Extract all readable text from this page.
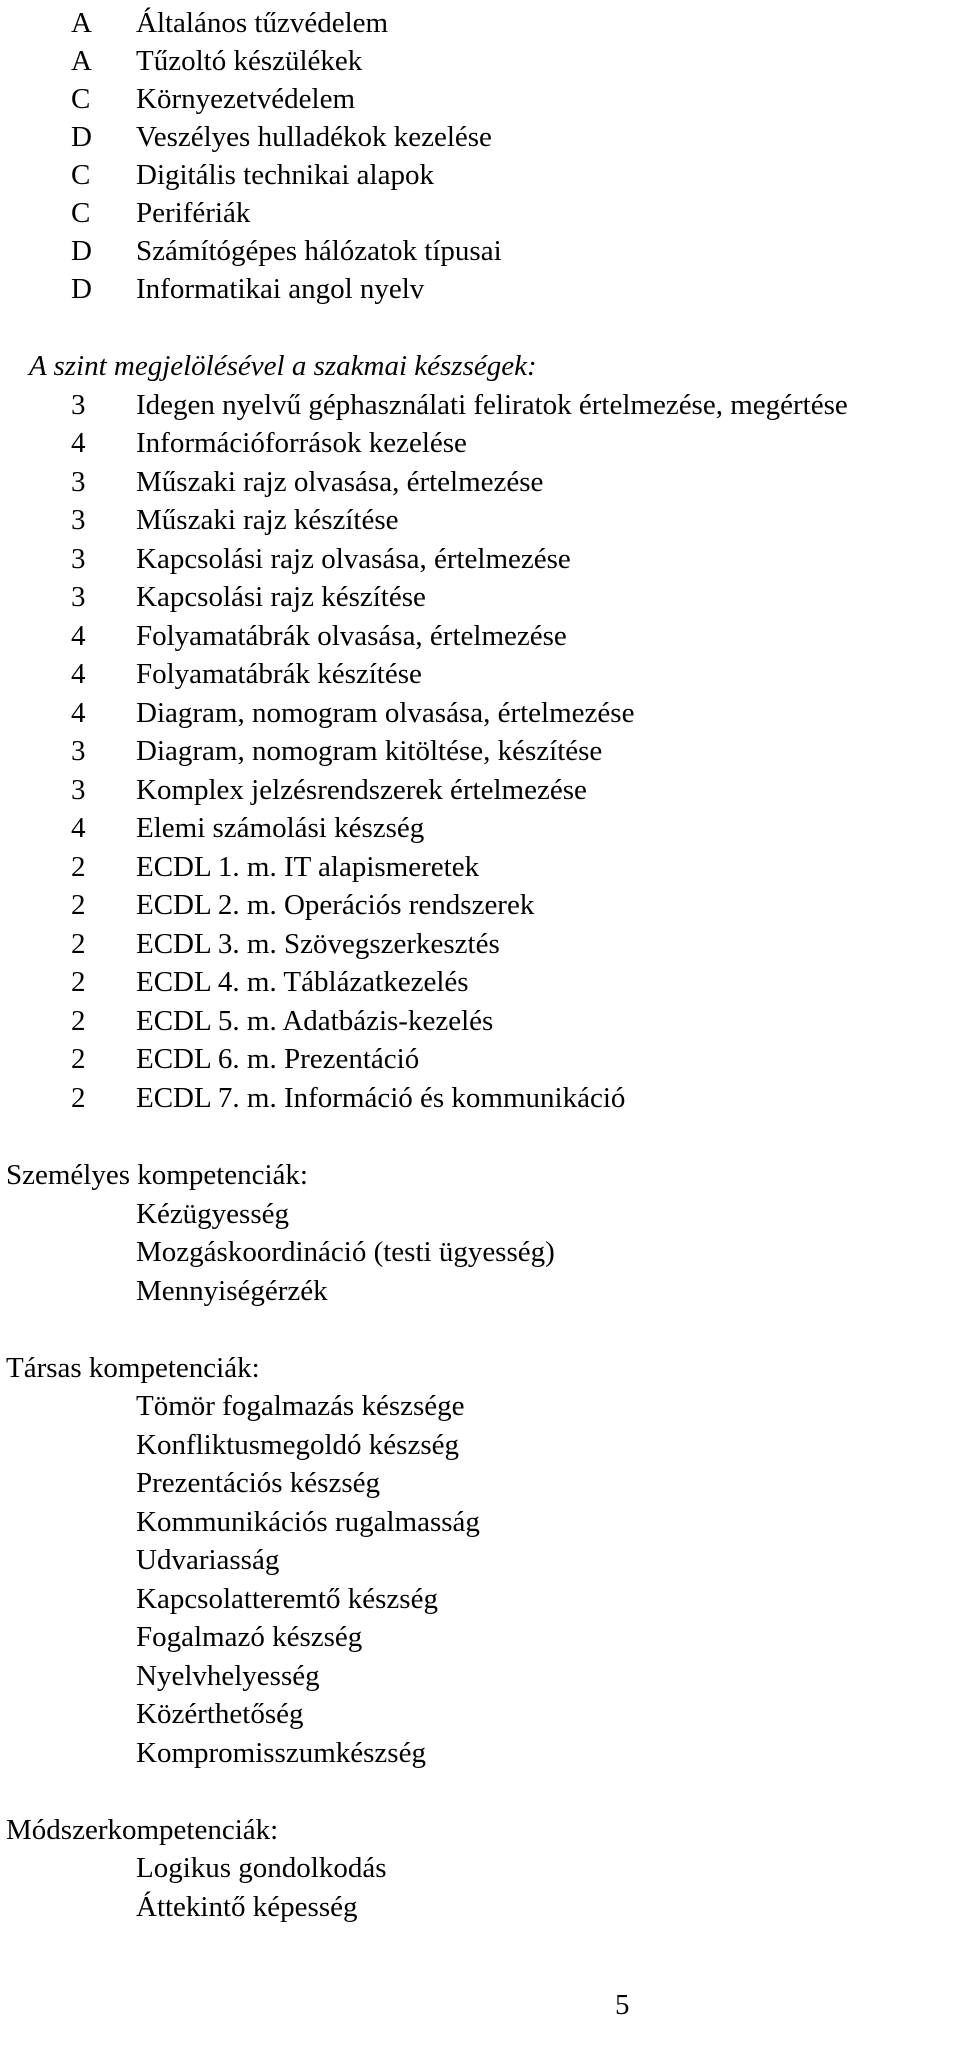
A Általános tűzvédelem
A Tűzoltó készülékek
C Környezetvédelem
D Veszélyes hulladékok kezelése
C Digitális technikai alapok
C Perifériák
D Számítógépes hálózatok típusai
D Informatikai angol nyelv
A szint megjelölésével a szakmai készségek:
3 Idegen nyelvű géphasználati feliratok értelmezése, megértése
4 Információforrások kezelése
3 Műszaki rajz olvasása, értelmezése
3 Műszaki rajz készítése
3 Kapcsolási rajz olvasása, értelmezése
3 Kapcsolási rajz készítése
4 Folyamatábrák olvasása, értelmezése
4 Folyamatábrák készítése
4 Diagram, nomogram olvasása, értelmezése
3 Diagram, nomogram kitöltése, készítése
3 Komplex jelzésrendszerek értelmezése
4 Elemi számolási készség
2 ECDL 1. m. IT alapismeretek
2 ECDL 2. m. Operációs rendszerek
2 ECDL 3. m. Szövegszerkesztés
2 ECDL 4. m. Táblázatkezelés
2 ECDL 5. m. Adatbázis-kezelés
2 ECDL 6. m. Prezentáció
2 ECDL 7. m. Információ és kommunikáció
Személyes kompetenciák:
Kézügyesség
Mozgáskoordináció (testi ügyesség)
Mennyiségérzék
Társas kompetenciák:
Tömör fogalmazás készsége
Konfliktusmegoldó készség
Prezentációs készség
Kommunikációs rugalmasság
Udvariasság
Kapcsolatteremtő készség
Fogalmazó készség
Nyelvhelyesség
Közérthetőség
Kompromisszumkészség
Módszerkompetenciák:
Logikus gondolkodás
Áttekintő képesség
5
